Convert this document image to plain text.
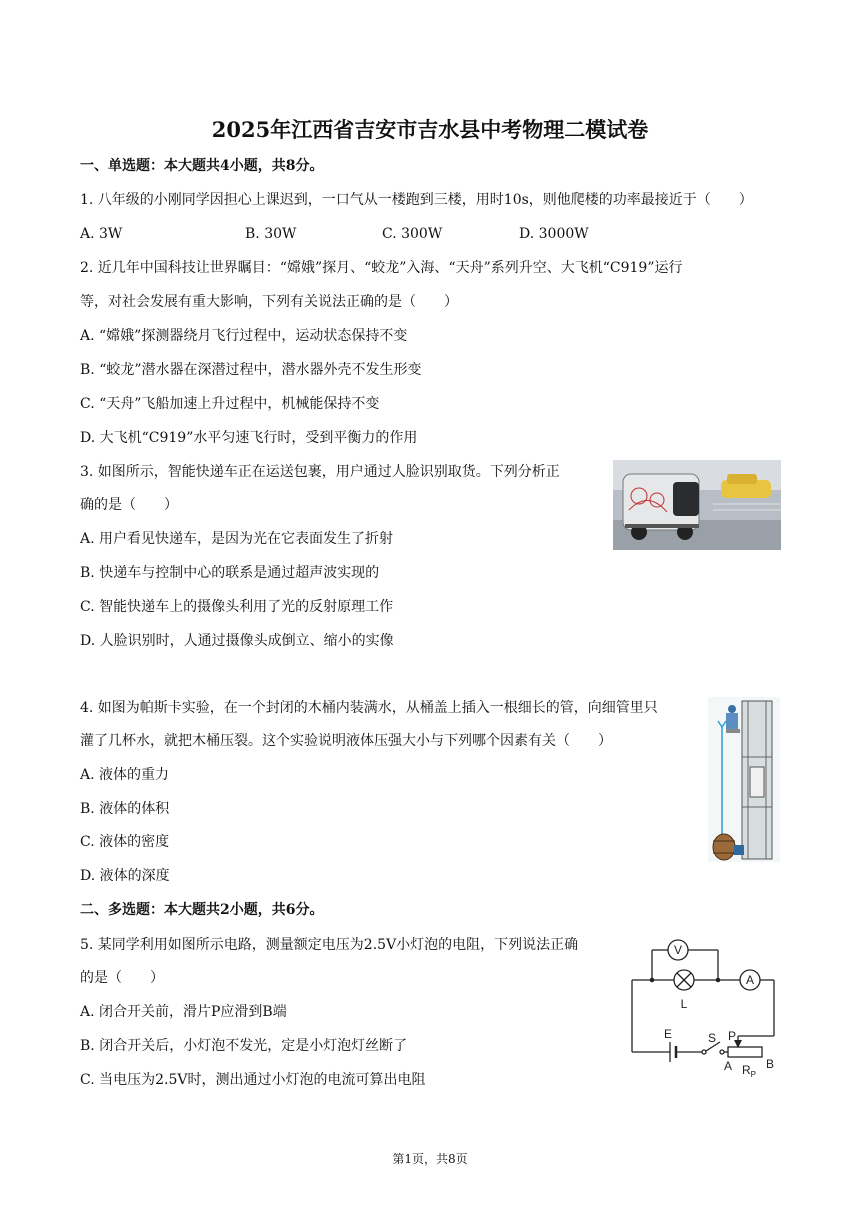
2025年江西省吉安市吉水县中考物理二模试卷
一、单选题：本大题共4小题，共8分。
1. 八年级的小刚同学因担心上课迟到，一口气从一楼跑到三楼，用时10s，则他爬楼的功率最接近于（　　）
A. 3W	B. 30W	C. 300W	D. 3000W
2. 近几年中国科技让世界瞩目：“嫦娥”探月、“蛟龙”入海、“天舟”系列升空、大飞机“C919”运行
等，对社会发展有重大影响，下列有关说法正确的是（　　）
A. “嫦娥”探测器绕月飞行过程中，运动状态保持不变
B. “蛟龙”潜水器在深潜过程中，潜水器外壳不发生形变
C. “天舟”飞船加速上升过程中，机械能保持不变
D. 大飞机“C919”水平匀速飞行时，受到平衡力的作用
3. 如图所示，智能快递车正在运送包裹，用户通过人脸识别取货。下列分析正
确的是（　　）
A. 用户看见快递车，是因为光在它表面发生了折射
B. 快递车与控制中心的联系是通过超声波实现的
C. 智能快递车上的摄像头利用了光的反射原理工作
D. 人脸识别时，人通过摄像头成倒立、缩小的实像
4. 如图为帕斯卡实验，在一个封闭的木桶内装满水，从桶盖上插入一根细长的管，向细管里只
灌了几杯水，就把木桶压裂。这个实验说明液体压强大小与下列哪个因素有关（　　）
A. 液体的重力
B. 液体的体积
C. 液体的密度
D. 液体的深度
二、多选题：本大题共2小题，共6分。
5. 某同学利用如图所示电路，测量额定电压为2.5V小灯泡的电阻，下列说法正确
的是（　　）
A. 闭合开关前，滑片P应滑到B端
B. 闭合开关后，小灯泡不发光，定是小灯泡灯丝断了
C. 当电压为2.5V时，测出通过小灯泡的电流可算出电阻
V
A
L
E	S P
A	B
$R_P$
第1页，共8页
